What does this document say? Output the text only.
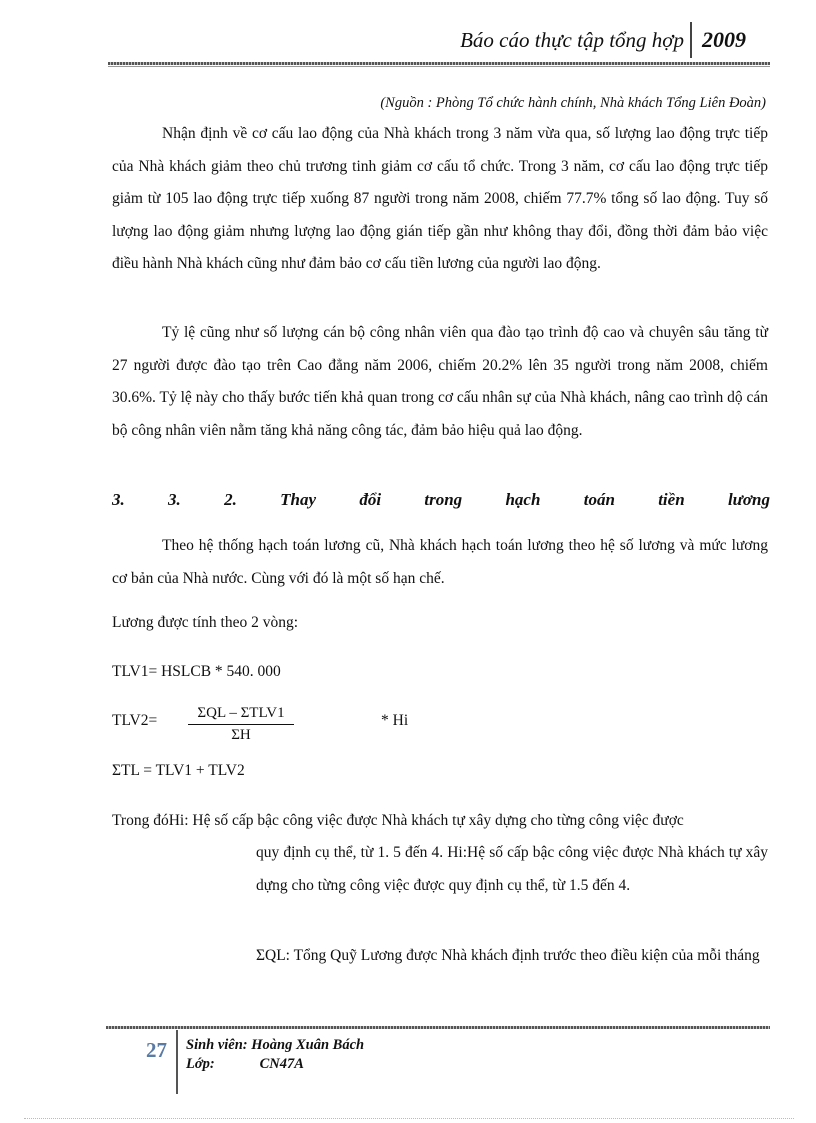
Báo cáo thực tập tổng hợp 2009
(Nguồn : Phòng Tổ chức hành chính, Nhà khách Tổng Liên Đoàn)

Nhận định về cơ cấu lao động của Nhà khách trong 3 năm vừa qua, số lượng lao động trực tiếp của Nhà khách giảm theo chủ trương tinh giảm cơ cấu tổ chức. Trong 3 năm, cơ cấu lao động trực tiếp giảm từ 105 lao động trực tiếp xuống 87 người trong năm 2008, chiếm 77.7% tổng số lao động. Tuy số lượng lao động giảm nhưng lượng lao động gián tiếp gần như không thay đổi, đồng thời đảm bảo việc điều hành Nhà khách cũng như đảm bảo cơ cấu tiền lương của người lao động.

Tỷ lệ cũng như số lượng cán bộ công nhân viên qua đào tạo trình độ cao và chuyên sâu tăng từ 27 người được đào tạo trên Cao đẳng năm 2006, chiếm 20.2% lên 35 người trong năm 2008, chiếm 30.6%. Tỷ lệ này cho thấy bước tiến khả quan trong cơ cấu nhân sự của Nhà khách, nâng cao trình dộ cán bộ công nhân viên nằm tăng khả năng công tác, đảm bảo hiệu quả lao động.

3.	3.	2.	Thay	đổi	trong	hạch	toán	tiền	lương

Theo hệ thống hạch toán lương cũ, Nhà khách hạch toán lương theo hệ số lương và mức lương cơ bản của Nhà nước. Cùng với đó là một số hạn chế.

Lương được tính theo 2 vòng:
TLV1= HSLCB * 540. 000
TLV2=	ΣQL – ΣTLV1
ΣH
* Hi
ΣTL = TLV1 + TLV2
Trong đóHi: Hệ số cấp bậc công việc được Nhà khách tự xây dựng cho từng công việc được
quy định cụ thể, từ 1. 5 đến 4. Hi:Hệ số cấp bậc công việc được Nhà khách tự xây dựng cho từng công việc được quy định cụ thể, từ 1.5 đến 4.
ΣQL: Tổng Quỹ Lương được Nhà khách định trước theo điều kiện của mỗi tháng
27 Sinh viên: Hoàng Xuân Bách
Lớp:	CN47A
